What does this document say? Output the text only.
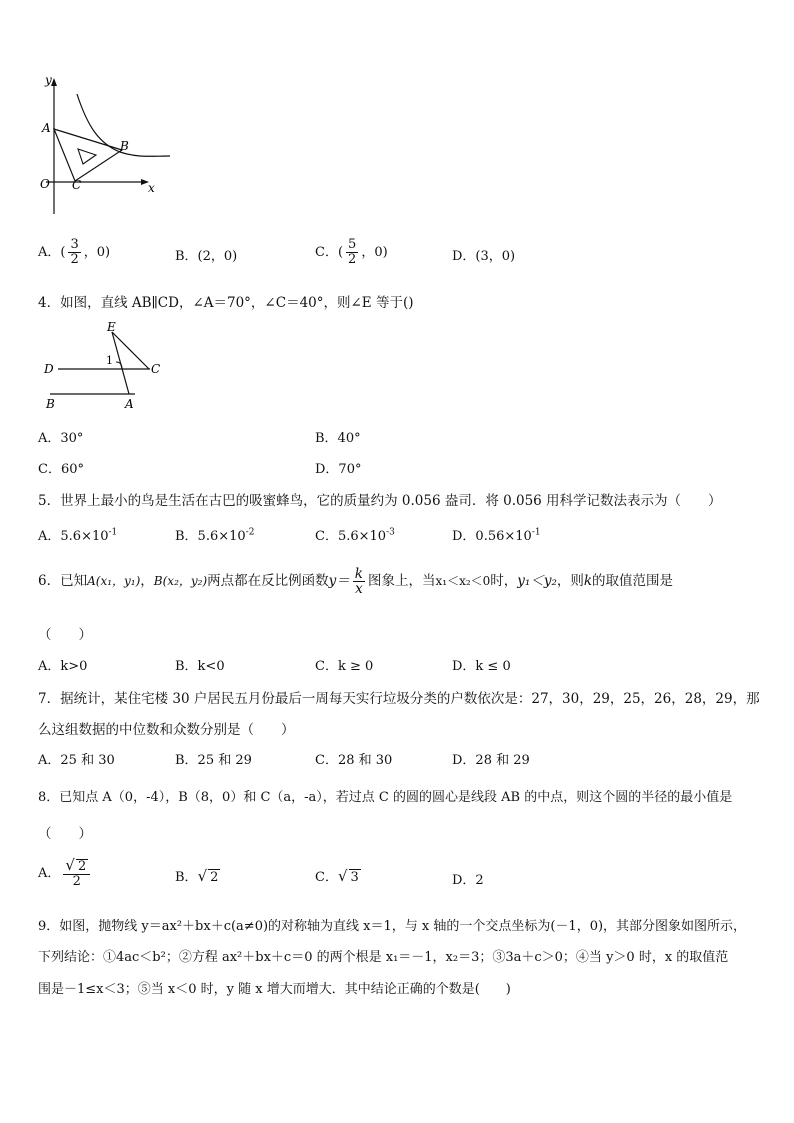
y
x
O
A
B
C
A．( $\frac{3}{2}$ ，0)	B．(2，0)	C．( $\frac{5}{2}$ ，0)	D．(3，0)
4．如图，直线 AB∥CD，∠A＝70°，∠C＝40°，则∠E 等于()
E
D	C
B	A
1
A．30°	B．40°
C．60°	D．70°
5．世界上最小的鸟是生活在古巴的吸蜜蜂鸟，它的质量约为 0.056 盎司．将 0.056 用科学记数法表示为（　　）
A．$5.6\times 10^{-1}$	B．$5.6\times 10^{-2}$	C．$5.6\times 10^{-3}$	D．$0.56\times 10^{-1}$
6．已知A(x₁，y₁)，B(x₂，y₂)两点都在反比例函数$y= \frac{k}{x}$ 图象上，当x₁＜x₂＜0时，y₁＜y₂，则k的取值范围是
（　　）
A．k>0	B．k<0	C．k ≥ 0	D．k ≤ 0
7．据统计，某住宅楼 30 户居民五月份最后一周每天实行垃圾分类的户数依次是：27，30，29，25，26，28，29，那
么这组数据的中位数和众数分别是（　　）
A．25 和 30	B．25 和 29	C．28 和 30	D．28 和 29
8．已知点 A（0，-4），B（8，0）和 C（a，-a），若过点 C 的圆的圆心是线段 AB 的中点，则这个圆的半径的最小值是
（　　）
A． $\frac{√ 2}{2}$	B．√ 2	C．√ 3	D．2
9．如图，抛物线 y＝ax²＋bx＋c(a≠0)的对称轴为直线 x＝1，与 x 轴的一个交点坐标为(－1，0)，其部分图象如图所示，
下列结论：①4ac＜b²；②方程 ax²＋bx＋c＝0 的两个根是 x₁＝－1，x₂＝3；③3a＋c＞0；④当 y＞0 时，x 的取值范
围是－1≤x＜3；⑤当 x＜0 时，y 随 x 增大而增大．其中结论正确的个数是(　　)
